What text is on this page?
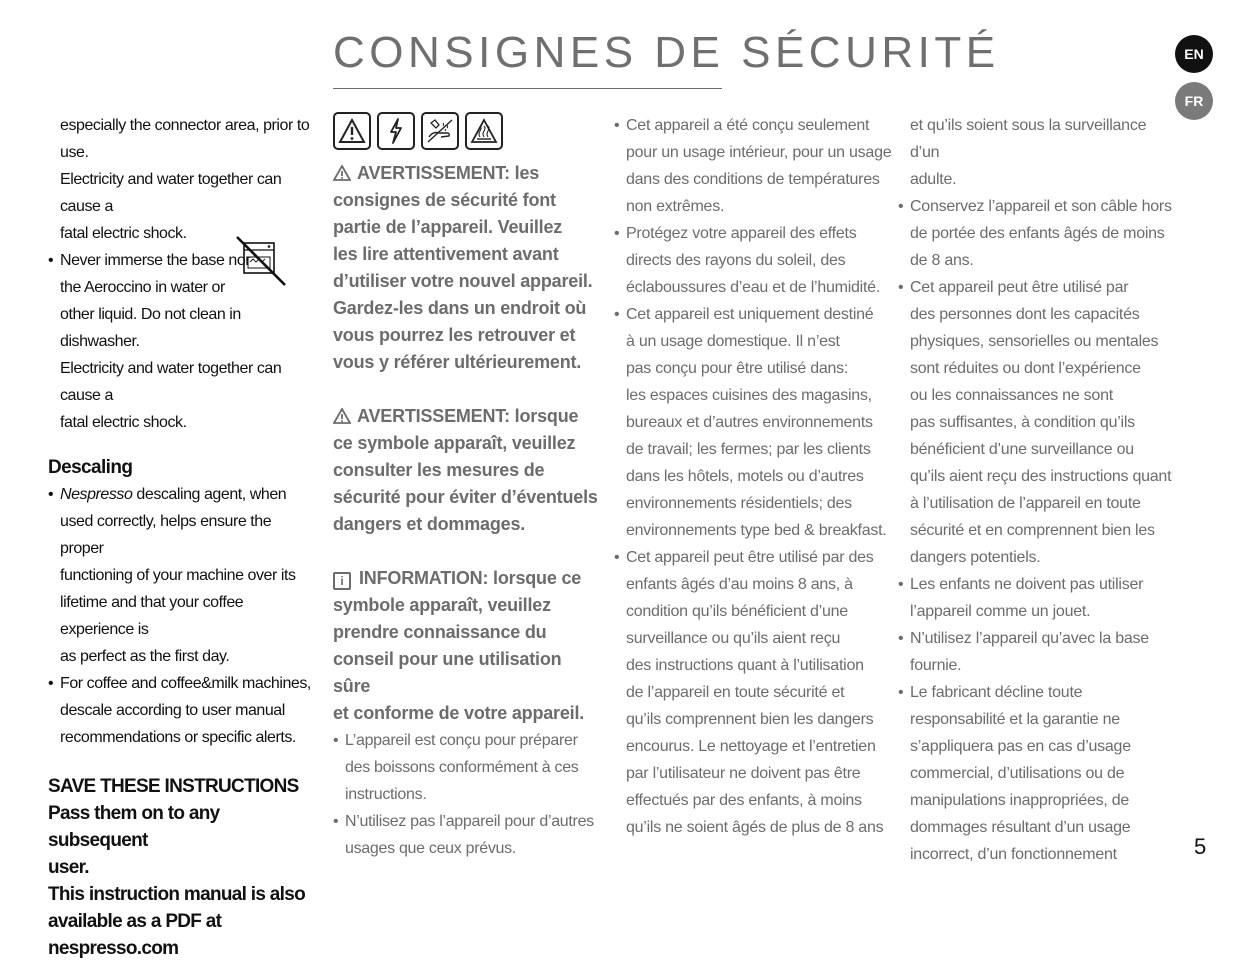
CONSIGNES DE SÉCURITÉ	EN
FR
especially the connector area, prior to use.
Electricity and water together can cause a
fatal electric shock.
• Never immerse the base nor
the Aeroccino in water or
other liquid. Do not clean in dishwasher.
Electricity and water together can cause a
fatal electric shock.
Descaling
• Nespresso descaling agent, when
used correctly, helps ensure the proper
functioning of your machine over its
lifetime and that your coffee experience is
as perfect as the first day.
• For coffee and coffee&milk machines,
descale according to user manual
recommendations or specific alerts.
SAVE THESE INSTRUCTIONS
Pass them on to any subsequent
user.
This instruction manual is also
available as a PDF at
nespresso.com
AVERTISSEMENT: les
consignes de sécurité font
partie de l’appareil. Veuillez
les lire attentivement avant
d’utiliser votre nouvel appareil.
Gardez-les dans un endroit où
vous pourrez les retrouver et
vous y référer ultérieurement.
AVERTISSEMENT: lorsque
ce symbole apparaît, veuillez
consulter les mesures de
sécurité pour éviter d’éventuels
dangers et dommages.
i INFORMATION: lorsque ce
symbole apparaît, veuillez
prendre connaissance du
conseil pour une utilisation sûre
et conforme de votre appareil.
• L’appareil est conçu pour préparer
des boissons conformément à ces
instructions.
• N’utilisez pas l’appareil pour d’autres
usages que ceux prévus.
• Cet appareil a été conçu seulement
pour un usage intérieur, pour un usage
dans des conditions de températures
non extrêmes.
• Protégez votre appareil des effets
directs des rayons du soleil, des
éclaboussures d’eau et de l’humidité.
• Cet appareil est uniquement destiné
à un usage domestique. Il n’est
pas conçu pour être utilisé dans:
les espaces cuisines des magasins,
bureaux et d’autres environnements
de travail; les fermes; par les clients
dans les hôtels, motels ou d’autres
environnements résidentiels; des
environnements type bed & breakfast.
• Cet appareil peut être utilisé par des
enfants âgés d’au moins 8 ans, à
condition qu’ils bénéficient d’une
surveillance ou qu’ils aient reçu
des instructions quant à l’utilisation
de l’appareil en toute sécurité et
qu’ils comprennent bien les dangers
encourus. Le nettoyage et l’entretien
par l’utilisateur ne doivent pas être
effectués par des enfants, à moins
qu’ils ne soient âgés de plus de 8 ans
et qu’ils soient sous la surveillance d’un
adulte.
• Conservez l’appareil et son câble hors
de portée des enfants âgés de moins
de 8 ans.
• Cet appareil peut être utilisé par
des personnes dont les capacités
physiques, sensorielles ou mentales
sont réduites ou dont l’expérience
ou les connaissances ne sont
pas suffisantes, à condition qu’ils
bénéficient d’une surveillance ou
qu’ils aient reçu des instructions quant
à l’utilisation de l’appareil en toute
sécurité et en comprennent bien les
dangers potentiels.
• Les enfants ne doivent pas utiliser
l’appareil comme un jouet.
• N’utilisez l’appareil qu’avec la base
fournie.
• Le fabricant décline toute
responsabilité et la garantie ne
s’appliquera pas en cas d’usage
commercial, d’utilisations ou de
manipulations inappropriées, de
dommages résultant d’un usage
incorrect, d’un fonctionnement	5
